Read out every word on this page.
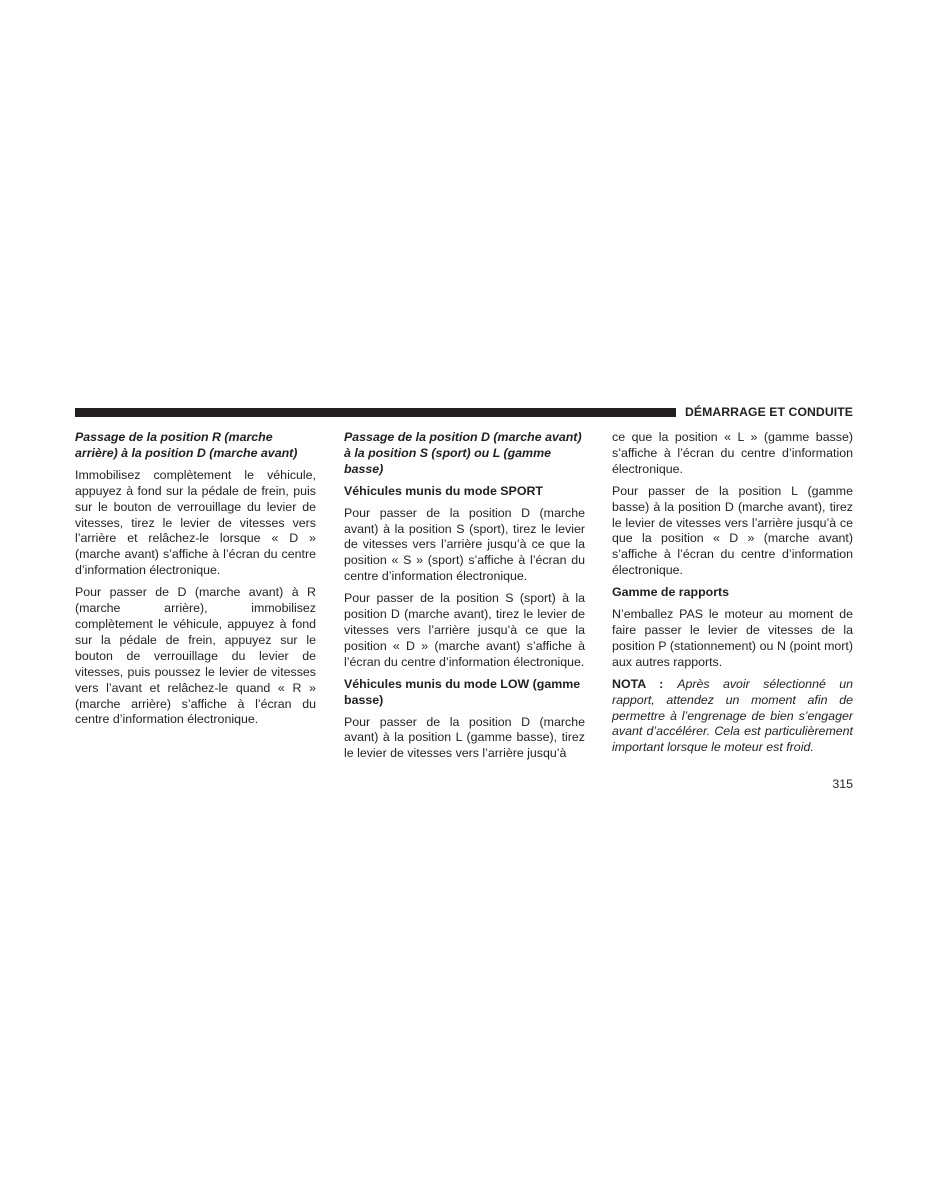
DÉMARRAGE ET CONDUITE
Passage de la position R (marche arrière) à la position D (marche avant)

Immobilisez complètement le véhicule, appuyez à fond sur la pédale de frein, puis sur le bouton de verrouillage du levier de vitesses, tirez le levier de vitesses vers l’arrière et relâchez-le lorsque « D » (marche avant) s’affiche à l’écran du centre d’information électronique.

Pour passer de D (marche avant) à R (marche arrière), immobilisez complètement le véhicule, appuyez à fond sur la pédale de frein, appuyez sur le bouton de verrouillage du levier de vitesses, puis poussez le levier de vitesses vers l’avant et relâchez-le quand « R » (marche arrière) s’affiche à l’écran du centre d’information électronique.

Passage de la position D (marche avant) à la position S (sport) ou L (gamme basse)
Véhicules munis du mode SPORT

Pour passer de la position D (marche avant) à la position S (sport), tirez le levier de vitesses vers l’arrière jusqu’à ce que la position « S » (sport) s’affiche à l’écran du centre d’information électronique.

Pour passer de la position S (sport) à la position D (marche avant), tirez le levier de vitesses vers l’arrière jusqu’à ce que la position « D » (marche avant) s’affiche à l’écran du centre d’information électronique.

Véhicules munis du mode LOW (gamme basse)

Pour passer de la position D (marche avant) à la position L (gamme basse), tirez le levier de vitesses vers l’arrière jusqu’à

ce que la position « L » (gamme basse) s’affiche à l’écran du centre d’information électronique.

Pour passer de la position L (gamme basse) à la position D (marche avant), tirez le levier de vitesses vers l’arrière jusqu’à ce que la position « D » (marche avant) s’affiche à l’écran du centre d’information électronique.

Gamme de rapports

N’emballez PAS le moteur au moment de faire passer le levier de vitesses de la position P (stationnement) ou N (point mort) aux autres rapports.

NOTA : Après avoir sélectionné un rapport, attendez un moment afin de permettre à l’engrenage de bien s’engager avant d’accélérer. Cela est particulièrement important lorsque le moteur est froid.

315
